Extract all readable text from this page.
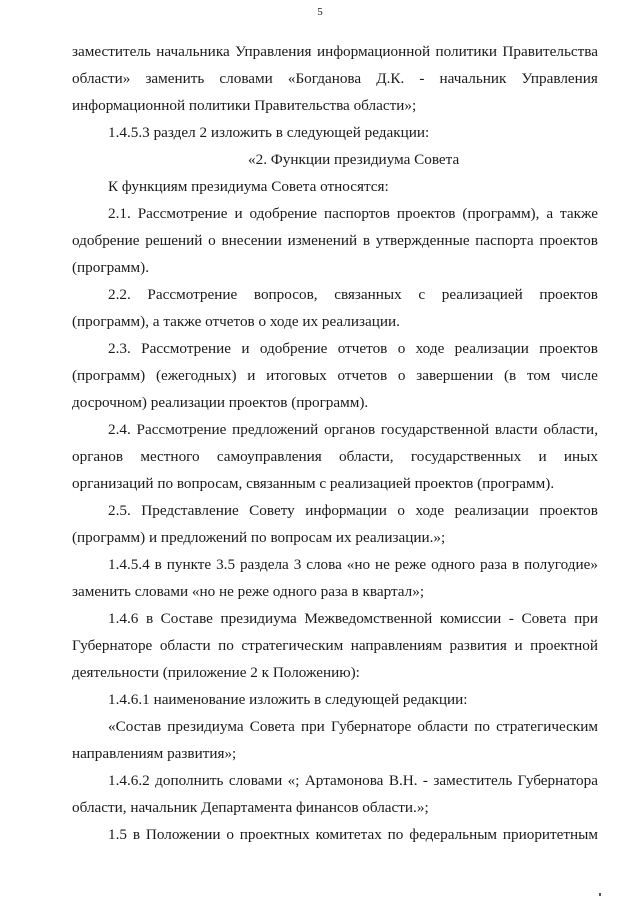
5
заместитель начальника Управления информационной политики Правительства
области» заменить словами «Богданова Д.К. - начальник Управления
информационной политики Правительства области»;
1.4.5.3 раздел 2 изложить в следующей редакции:
«2. Функции президиума Совета
К функциям президиума Совета относятся:
2.1. Рассмотрение и одобрение паспортов проектов (программ), а также
одобрение решений о внесении изменений в утвержденные паспорта проектов
(программ).
2.2. Рассмотрение вопросов, связанных с реализацией проектов
(программ), а также отчетов о ходе их реализации.
2.3. Рассмотрение и одобрение отчетов о ходе реализации проектов
(программ) (ежегодных) и итоговых отчетов о завершении (в том числе
досрочном) реализации проектов (программ).
2.4. Рассмотрение предложений органов государственной власти области,
органов местного самоуправления области, государственных и иных
организаций по вопросам, связанным с реализацией проектов (программ).
2.5. Представление Совету информации о ходе реализации проектов
(программ) и предложений по вопросам их реализации.»;
1.4.5.4 в пункте 3.5 раздела 3 слова «но не реже одного раза в полугодие»
заменить словами «но не реже одного раза в квартал»;
1.4.6 в Составе президиума Межведомственной комиссии - Совета при
Губернаторе области по стратегическим направлениям развития и проектной
деятельности (приложение 2 к Положению):
1.4.6.1 наименование изложить в следующей редакции:
«Состав президиума Совета при Губернаторе области по стратегическим
направлениям развития»;
1.4.6.2 дополнить словами «; Артамонова В.Н. - заместитель Губернатора
области, начальник Департамента финансов области.»;
1.5 в Положении о проектных комитетах по федеральным приоритетным
